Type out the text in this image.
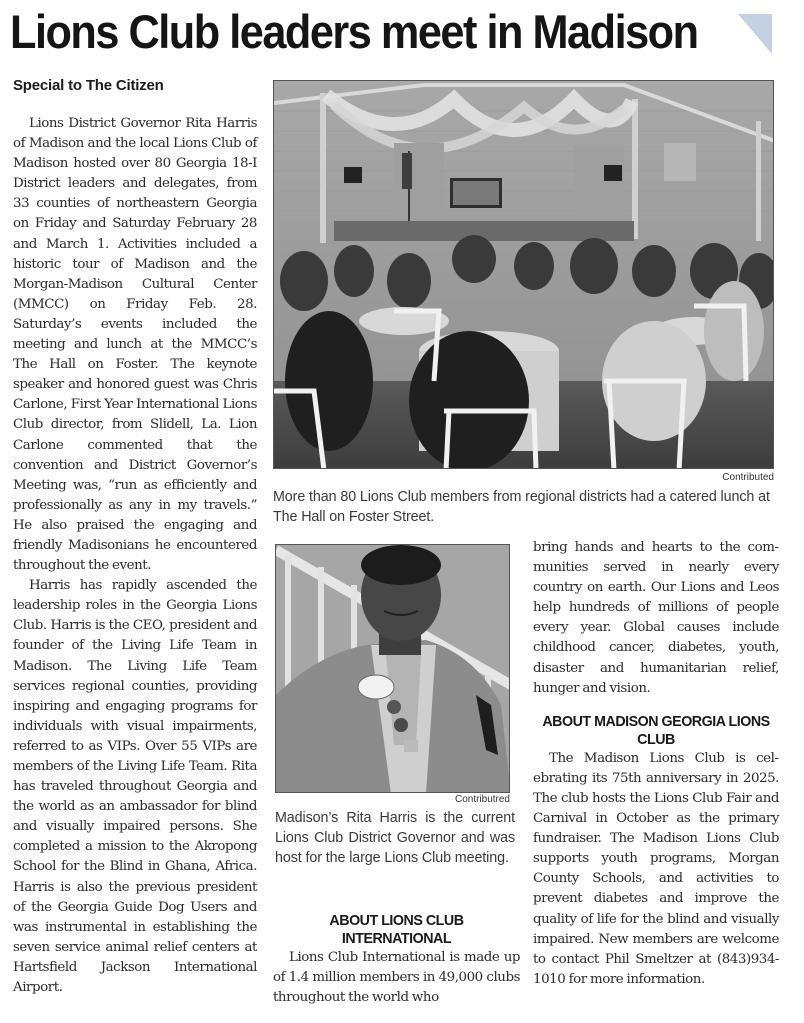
Lions Club leaders meet in Madison
Special to The Citizen

Lions District Governor Rita Harris of Madison and the local Lions Club of Madison hosted over 80 Georgia 18-I District leaders and delegates, from 33 counties of northeastern Georgia on Friday and Saturday February 28 and March 1. Activities included a historic tour of Madison and the Morgan-Madison Cultural Center (MMCC) on Friday Feb. 28. Saturday’s events included the meeting and lunch at the MMCC’s The Hall on Foster. The keynote speaker and honored guest was Chris Carlone, First Year International Lions Club director, from Slidell, La. Lion Carlone commented that the convention and District Governor’s Meeting was, “run as efficiently and professionally as any in my travels.” He also praised the engaging and friendly Madisonians he encountered throughout the event.

Harris has rapidly ascended the leadership roles in the Georgia Lions Club. Harris is the CEO, president and founder of the Living Life Team in Madison. The Living Life Team services regional counties, providing inspiring and engaging programs for individuals with visual impairments, referred to as VIPs. Over 55 VIPs are members of the Living Life Team. Rita has traveled throughout Georgia and the world as an ambassador for blind and visually impaired persons. She completed a mission to the Akropong School for the Blind in Ghana, Africa. Harris is also the previous president of the Georgia Guide Dog Users and was instrumental in establishing the seven service animal relief centers at Hartsfield Jackson International Airport.

Contributed
More than 80 Lions Club members from regional districts had a catered lunch at The Hall on Foster Street.
Contributred
Madison’s Rita Harris is the current Lions Club District Governor and was host for the large Lions Club meeting.
ABOUT LIONS CLUB INTERNATIONAL

Lions Club International is made up of 1.4 million members in 49,000 clubs throughout the world who

bring hands and hearts to the communities served in nearly every country on earth. Our Lions and Leos help hundreds of millions of people every year. Global causes include childhood cancer, diabetes, youth, disaster and humanitarian relief, hunger and vision.

ABOUT MADISON GEORGIA LIONS CLUB

The Madison Lions Club is celebrating its 75th anniversary in 2025. The club hosts the Lions Club Fair and Carnival in October as the primary fundraiser. The Madison Lions Club supports youth programs, Morgan County Schools, and activities to prevent diabetes and improve the quality of life for the blind and visually impaired. New members are welcome to contact Phil Smeltzer at (843)934-1010 for more information.
